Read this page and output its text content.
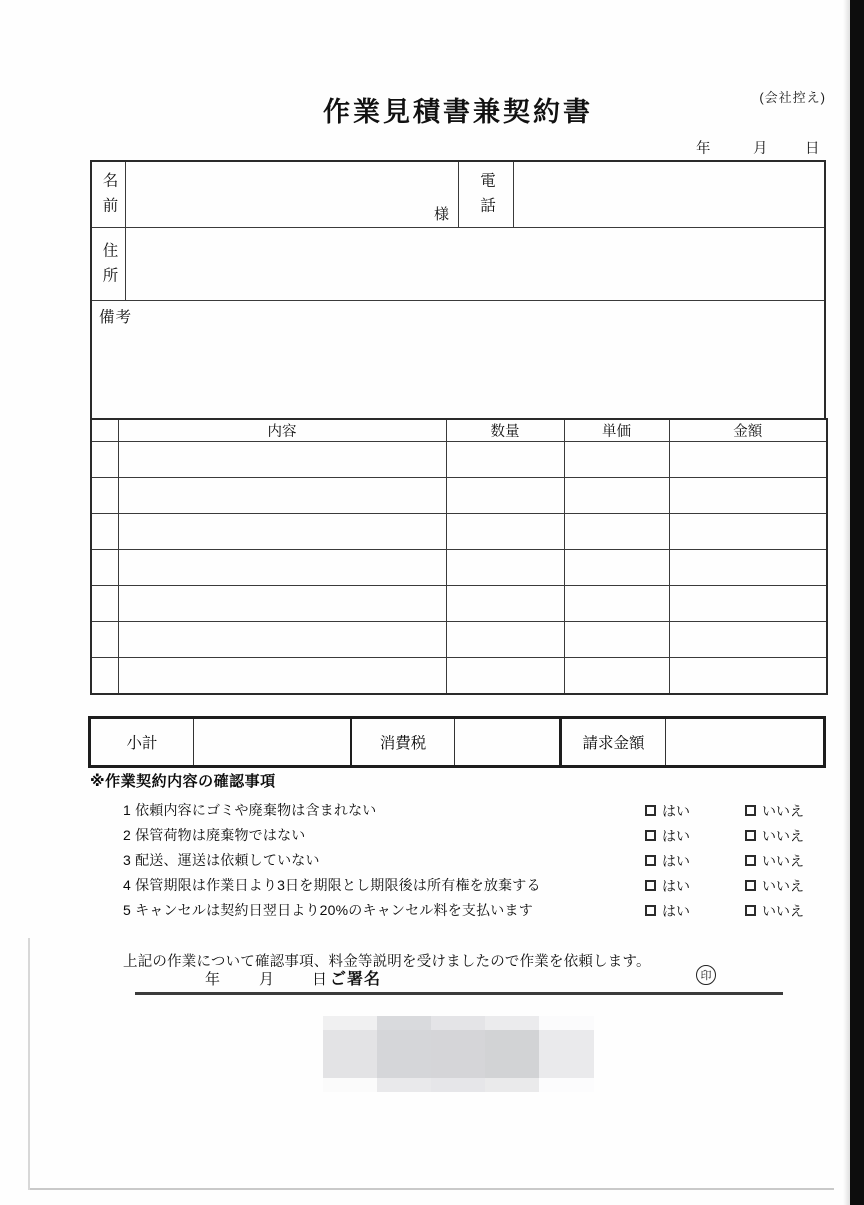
(会社控え)
作業見積書兼契約書
年	月	日
名前	様 電話
住所
備考
	内容	数量	単価	金額

小計	消費税	請求金額
※作業契約内容の確認事項
1 依頼内容にゴミや廃棄物は含まれない	はい	いいえ
2 保管荷物は廃棄物ではない	はい	いいえ
3 配送、運送は依頼していない	はい	いいえ
4 保管期限は作業日より3日を期限とし期限後は所有権を放棄する	はい	いいえ
5 キャンセルは契約日翌日より20%のキャンセル料を支払います	はい	いいえ
上記の作業について確認事項、料金等説明を受けましたので作業を依頼します。
年	月	日 ご署名	印
